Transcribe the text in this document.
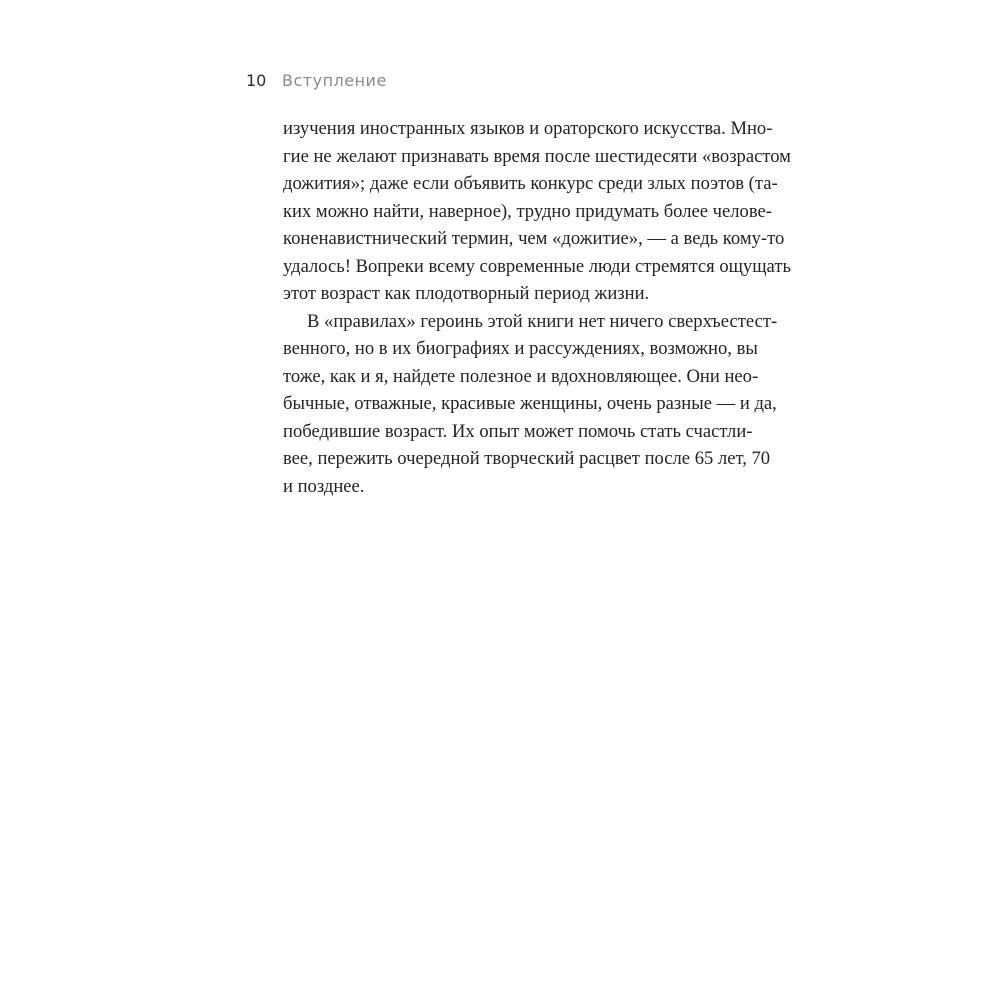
10 Вступление
изучения иностранных языков и ораторского искусства. Мно-
гие не желают признавать время после шестидесяти «возрастом
дожития»; даже если объявить конкурс среди злых поэтов (та-
ких можно найти, наверное), трудно придумать более челове-
коненавистнический термин, чем «дожитие», — а ведь кому-то
удалось! Вопреки всему современные люди стремятся ощущать
этот возраст как плодотворный период жизни.
В «правилах» героинь этой книги нет ничего сверхъестест-
венного, но в их биографиях и рассуждениях, возможно, вы
тоже, как и я, найдете полезное и вдохновляющее. Они нео-
бычные, отважные, красивые женщины, очень разные — и да,
победившие возраст. Их опыт может помочь стать счастли-
вее, пережить очередной творческий расцвет после 65 лет, 70
и позднее.
